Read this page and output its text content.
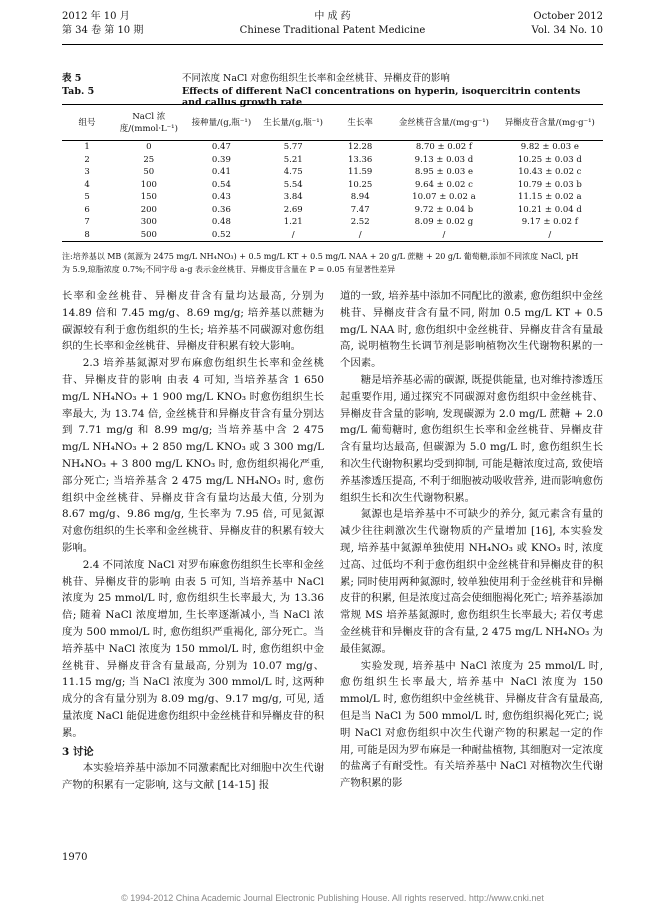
2012 年 10 月
第 34 卷 第 10 期
中 成 药
Chinese Traditional Patent Medicine
October 2012
Vol. 34 No. 10
表 5	不同浓度 NaCl 对愈伤组织生长率和金丝桃苷、异槲皮苷的影响
Tab. 5	Effects of different NaCl concentrations on hyperin, isoquercitrin contents and callus growth rate
组号	NaCl 浓度/(mmol·L⁻¹)	接种量/(g,瓶⁻¹)	生长量/(g,瓶⁻¹)	生长率	金丝桃苷含量/(mg·g⁻¹)	异槲皮苷含量/(mg·g⁻¹)
1	0	0.47	5.77	12.28	8.70 ± 0.02 f	9.82 ± 0.03 e
2	25	0.39	5.21	13.36	9.13 ± 0.03 d	10.25 ± 0.03 d
3	50	0.41	4.75	11.59	8.95 ± 0.03 e	10.43 ± 0.02 c
4	100	0.54	5.54	10.25	9.64 ± 0.02 c	10.79 ± 0.03 b
5	150	0.43	3.84	8.94	10.07 ± 0.02 a	11.15 ± 0.02 a
6	200	0.36	2.69	7.47	9.72 ± 0.04 b	10.21 ± 0.04 d
7	300	0.48	1.21	2.52	8.09 ± 0.02 g	9.17 ± 0.02 f
8	500	0.52	/	/	/	/
注:培养基以 MB (氮源为 2475 mg/L NH₄NO₃) + 0.5 mg/L KT + 0.5 mg/L NAA + 20 g/L 蔗糖 + 20 g/L 葡萄糖,添加不同浓度 NaCl, pH
为 5.9,琼脂浓度 0.7%;不同字母 a-g 表示金丝桃苷、异槲皮苷含量在 P = 0.05 有显著性差异

长率和金丝桃苷、异槲皮苷含有量均达最高, 分别为 14.89 倍和 7.45 mg/g、8.69 mg/g; 培养基以蔗糖为碳源较有利于愈伤组织的生长; 培养基不同碳源对愈伤组织的生长率和金丝桃苷、异槲皮苷积累有较大影响。

2.3 培养基氮源对罗布麻愈伤组织生长率和金丝桃苷、异槲皮苷的影响 由表 4 可知, 当培养基含 1 650 mg/L NH₄NO₃ + 1 900 mg/L KNO₃ 时愈伤组织生长率最大, 为 13.74 倍, 金丝桃苷和异槲皮苷含有量分别达到 7.71 mg/g 和 8.99 mg/g; 当培养基中含 2 475 mg/L NH₄NO₃ + 2 850 mg/L KNO₃ 或 3 300 mg/L NH₄NO₃ + 3 800 mg/L KNO₃ 时, 愈伤组织褐化严重, 部分死亡; 当培养基含 2 475 mg/L NH₄NO₃ 时, 愈伤组织中金丝桃苷、异槲皮苷含有量均达最大值, 分别为 8.67 mg/g、9.86 mg/g, 生长率为 7.95 倍, 可见氮源对愈伤组织的生长率和金丝桃苷、异槲皮苷的积累有较大影响。

2.4 不同浓度 NaCl 对罗布麻愈伤组织生长率和金丝桃苷、异槲皮苷的影响 由表 5 可知, 当培养基中 NaCl 浓度为 25 mmol/L 时, 愈伤组织生长率最大, 为 13.36 倍; 随着 NaCl 浓度增加, 生长率逐渐减小, 当 NaCl 浓度为 500 mmol/L 时, 愈伤组织严重褐化, 部分死亡。当培养基中 NaCl 浓度为 150 mmol/L 时, 愈伤组织中金丝桃苷、异槲皮苷含有量最高, 分别为 10.07 mg/g、11.15 mg/g; 当 NaCl 浓度为 300 mmol/L 时, 这两种成分的含有量分别为 8.09 mg/g、9.17 mg/g, 可见, 适量浓度 NaCl 能促进愈伤组织中金丝桃苷和异槲皮苷的积累。

3 讨论

本实验培养基中添加不同激素配比对细胞中次生代谢产物的积累有一定影响, 这与文献 [14-15] 报

道的一致, 培养基中添加不同配比的激素, 愈伤组织中金丝桃苷、异槲皮苷含有量不同, 附加 0.5 mg/L KT + 0.5 mg/L NAA 时, 愈伤组织中金丝桃苷、异槲皮苷含有量最高, 说明植物生长调节剂是影响植物次生代谢物积累的一个因素。

糖是培养基必需的碳源, 既提供能量, 也对维持渗透压起重要作用, 通过探究不同碳源对愈伤组织中金丝桃苷、异槲皮苷含量的影响, 发现碳源为 2.0 mg/L 蔗糖 + 2.0 mg/L 葡萄糖时, 愈伤组织生长率和金丝桃苷、异槲皮苷含有量均达最高, 但碳源为 5.0 mg/L 时, 愈伤组织生长和次生代谢物积累均受到抑制, 可能是糖浓度过高, 致使培养基渗透压提高, 不利于细胞被动吸收营养, 进而影响愈伤组织生长和次生代谢物积累。

氮源也是培养基中不可缺少的养分, 氮元素含有量的减少往往刺激次生代谢物质的产量增加 [16], 本实验发现, 培养基中氮源单独使用 NH₄NO₃ 或 KNO₃ 时, 浓度过高、过低均不利于愈伤组织中金丝桃苷和异槲皮苷的积累; 同时使用两种氮源时, 较单独使用利于金丝桃苷和异槲皮苷的积累, 但是浓度过高会使细胞褐化死亡; 培养基添加常规 MS 培养基氮源时, 愈伤组织生长率最大; 若仅考虑金丝桃苷和异槲皮苷的含有量, 2 475 mg/L NH₄NO₃ 为最佳氮源。

实验发现, 培养基中 NaCl 浓度为 25 mmol/L 时, 愈伤组织生长率最大, 培养基中 NaCl 浓度为 150 mmol/L 时, 愈伤组织中金丝桃苷、异槲皮苷含有量最高, 但是当 NaCl 为 500 mmol/L 时, 愈伤组织褐化死亡; 说明 NaCl 对愈伤组织中次生代谢产物的积累起一定的作用, 可能是因为罗布麻是一种耐盐植物, 其细胞对一定浓度的盐离子有耐受性。有关培养基中 NaCl 对植物次生代谢产物积累的影

1970
© 1994-2012 China Academic Journal Electronic Publishing House. All rights reserved. http://www.cnki.net
